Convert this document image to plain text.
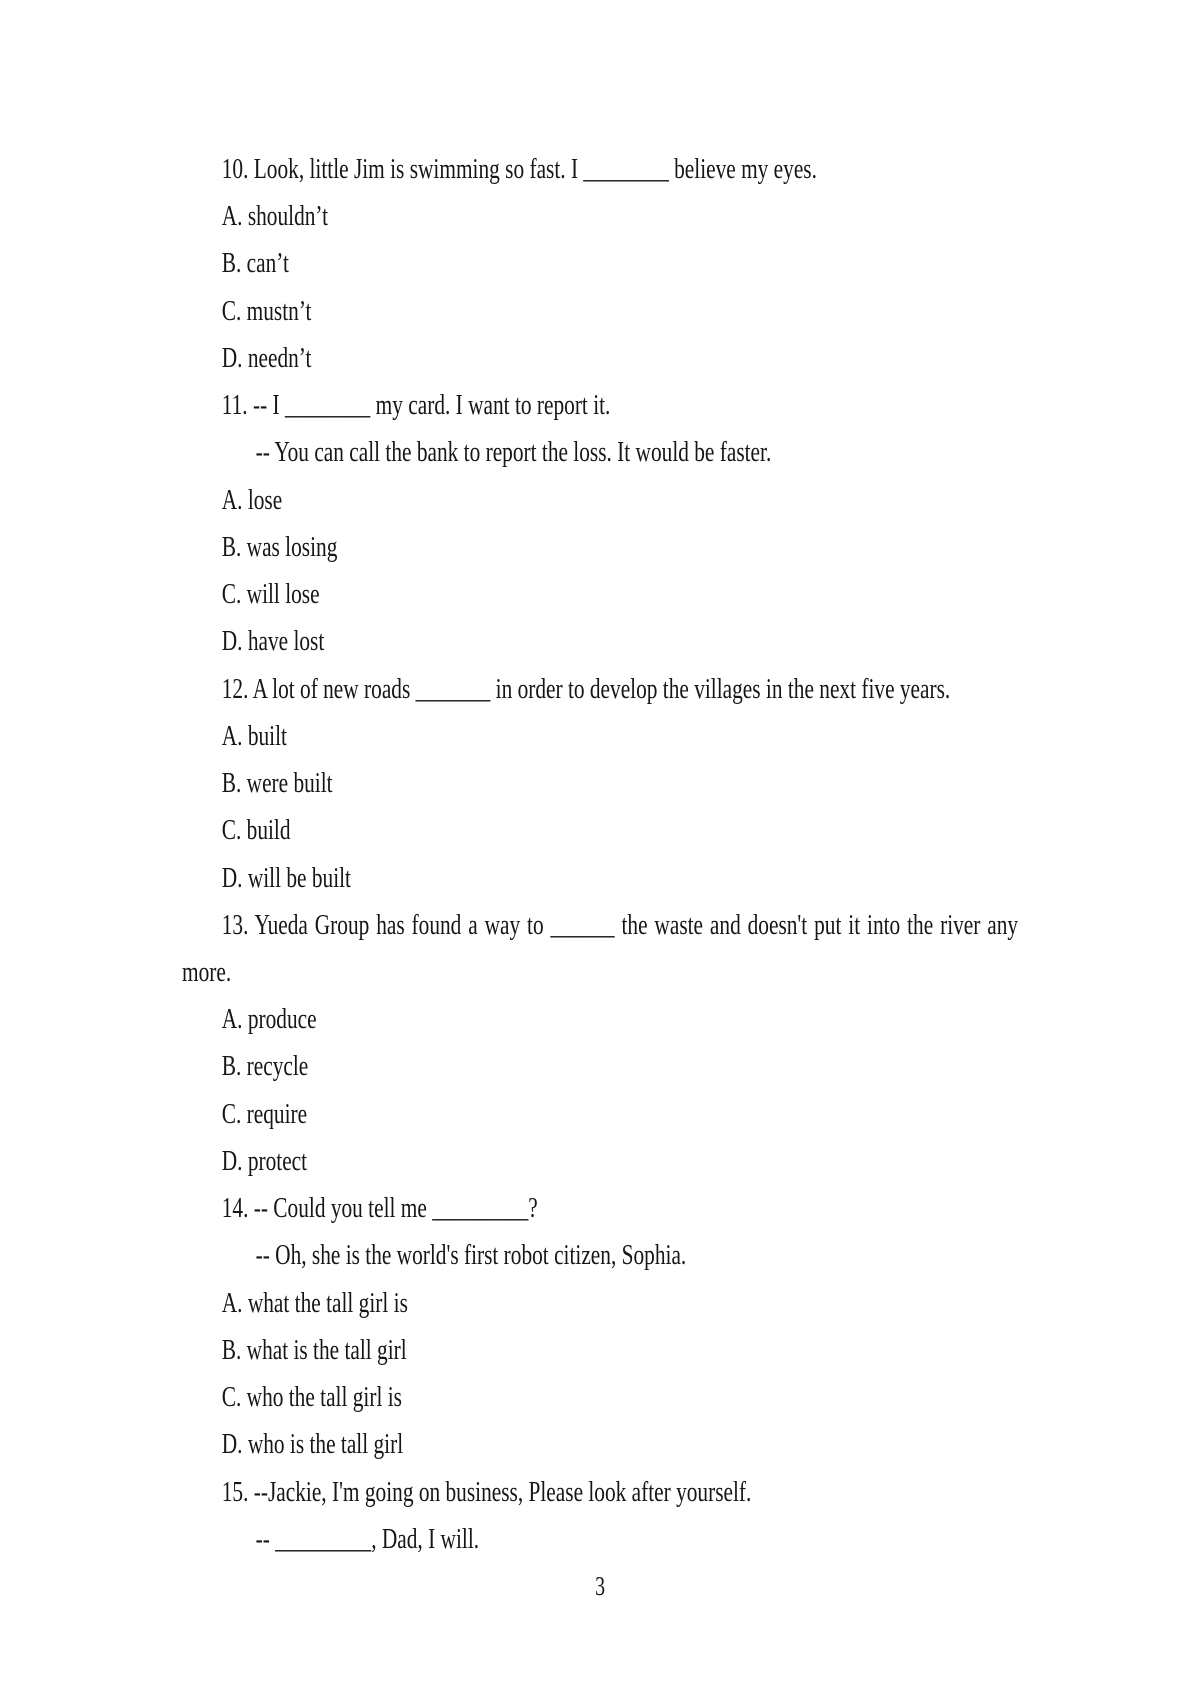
10. Look, little Jim is swimming so fast. I ________ believe my eyes.

A. shouldn’t

B. can’t

C. mustn’t

D. needn’t

11. -- I ________ my card. I want to report it.

-- You can call the bank to report the loss. It would be faster.

A. lose

B. was losing

C. will lose

D. have lost

12. A lot of new roads _______ in order to develop the villages in the next five years.

A. built

B. were built

C. build

D. will be built

13. Yueda Group has found a way to ______ the waste and doesn't put it into the river any more.

A. produce

B. recycle

C. require

D. protect

14. -- Could you tell me _________?

-- Oh, she is the world's first robot citizen, Sophia.

A. what the tall girl is

B. what is the tall girl

C. who the tall girl is

D. who is the tall girl

15. --Jackie, I'm going on business, Please look after yourself.

-- _________, Dad, I will.

3
